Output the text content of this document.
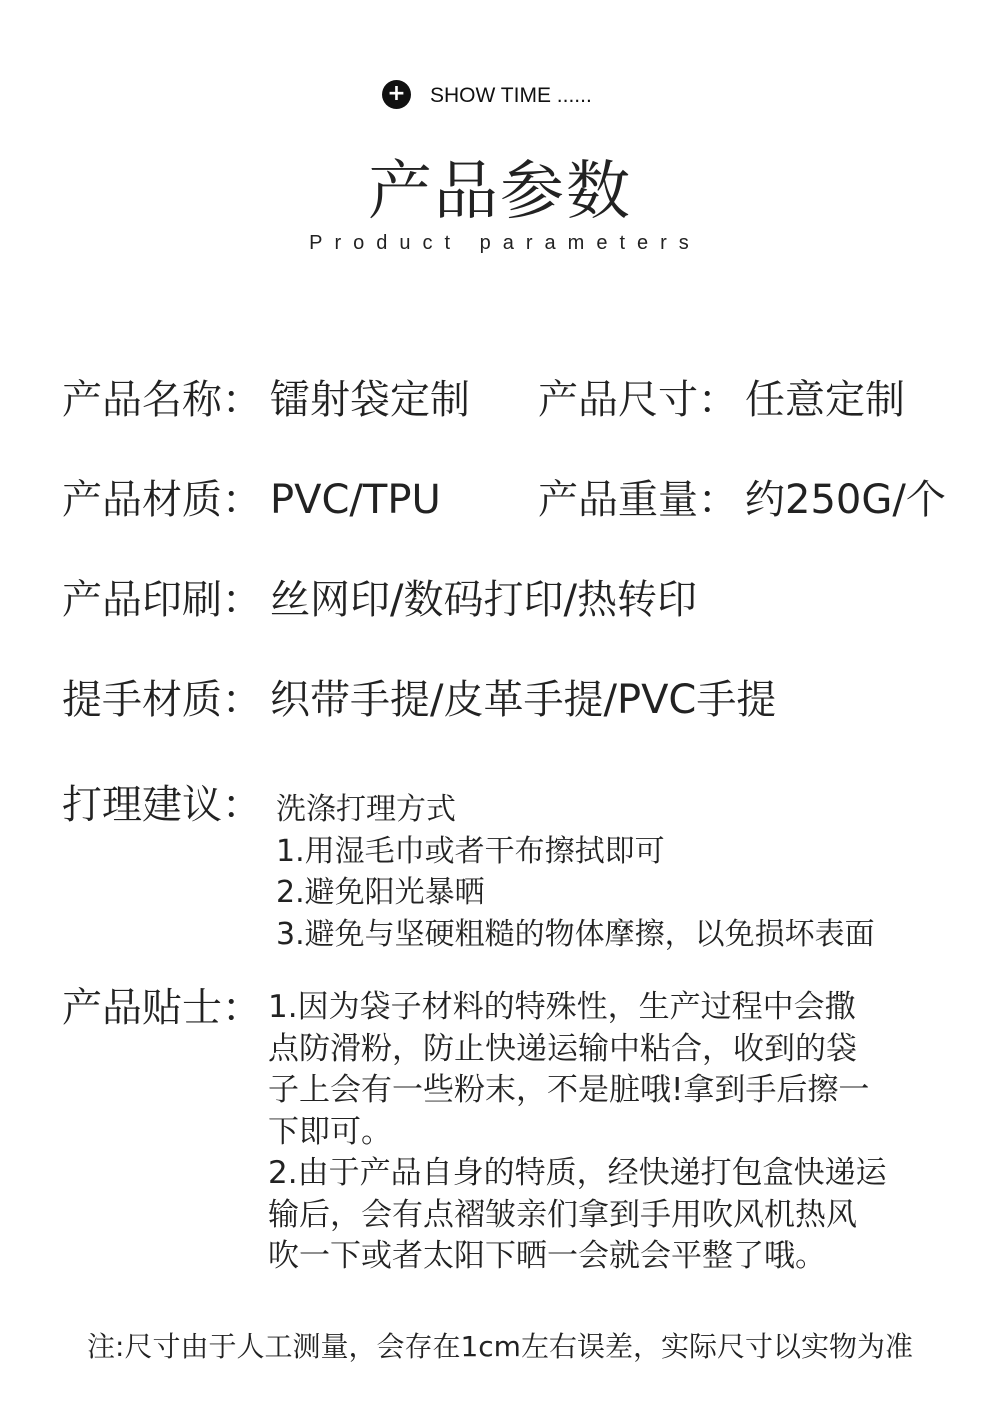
+ SHOW TIME ......
产品参数
Product parameters
产品名称： 镭射袋定制 产品尺寸： 任意定制
产品材质： PVC/TPU 产品重量： 约250G/个
产品印刷： 丝网印/数码打印/热转印
提手材质： 织带手提/皮革手提/PVC手提
打理建议： 洗涤打理方式
1.用湿毛巾或者干布擦拭即可
2.避免阳光暴晒
3.避免与坚硬粗糙的物体摩擦，以免损坏表面
产品贴士： 1.因为袋子材料的特殊性，生产过程中会撒
点防滑粉，防止快递运输中粘合，收到的袋
子上会有一些粉末，不是脏哦!拿到手后擦一
下即可。
2.由于产品自身的特质，经快递打包盒快递运
输后，会有点褶皱亲们拿到手用吹风机热风
吹一下或者太阳下晒一会就会平整了哦。
注:尺寸由于人工测量，会存在1cm左右误差，实际尺寸以实物为准
